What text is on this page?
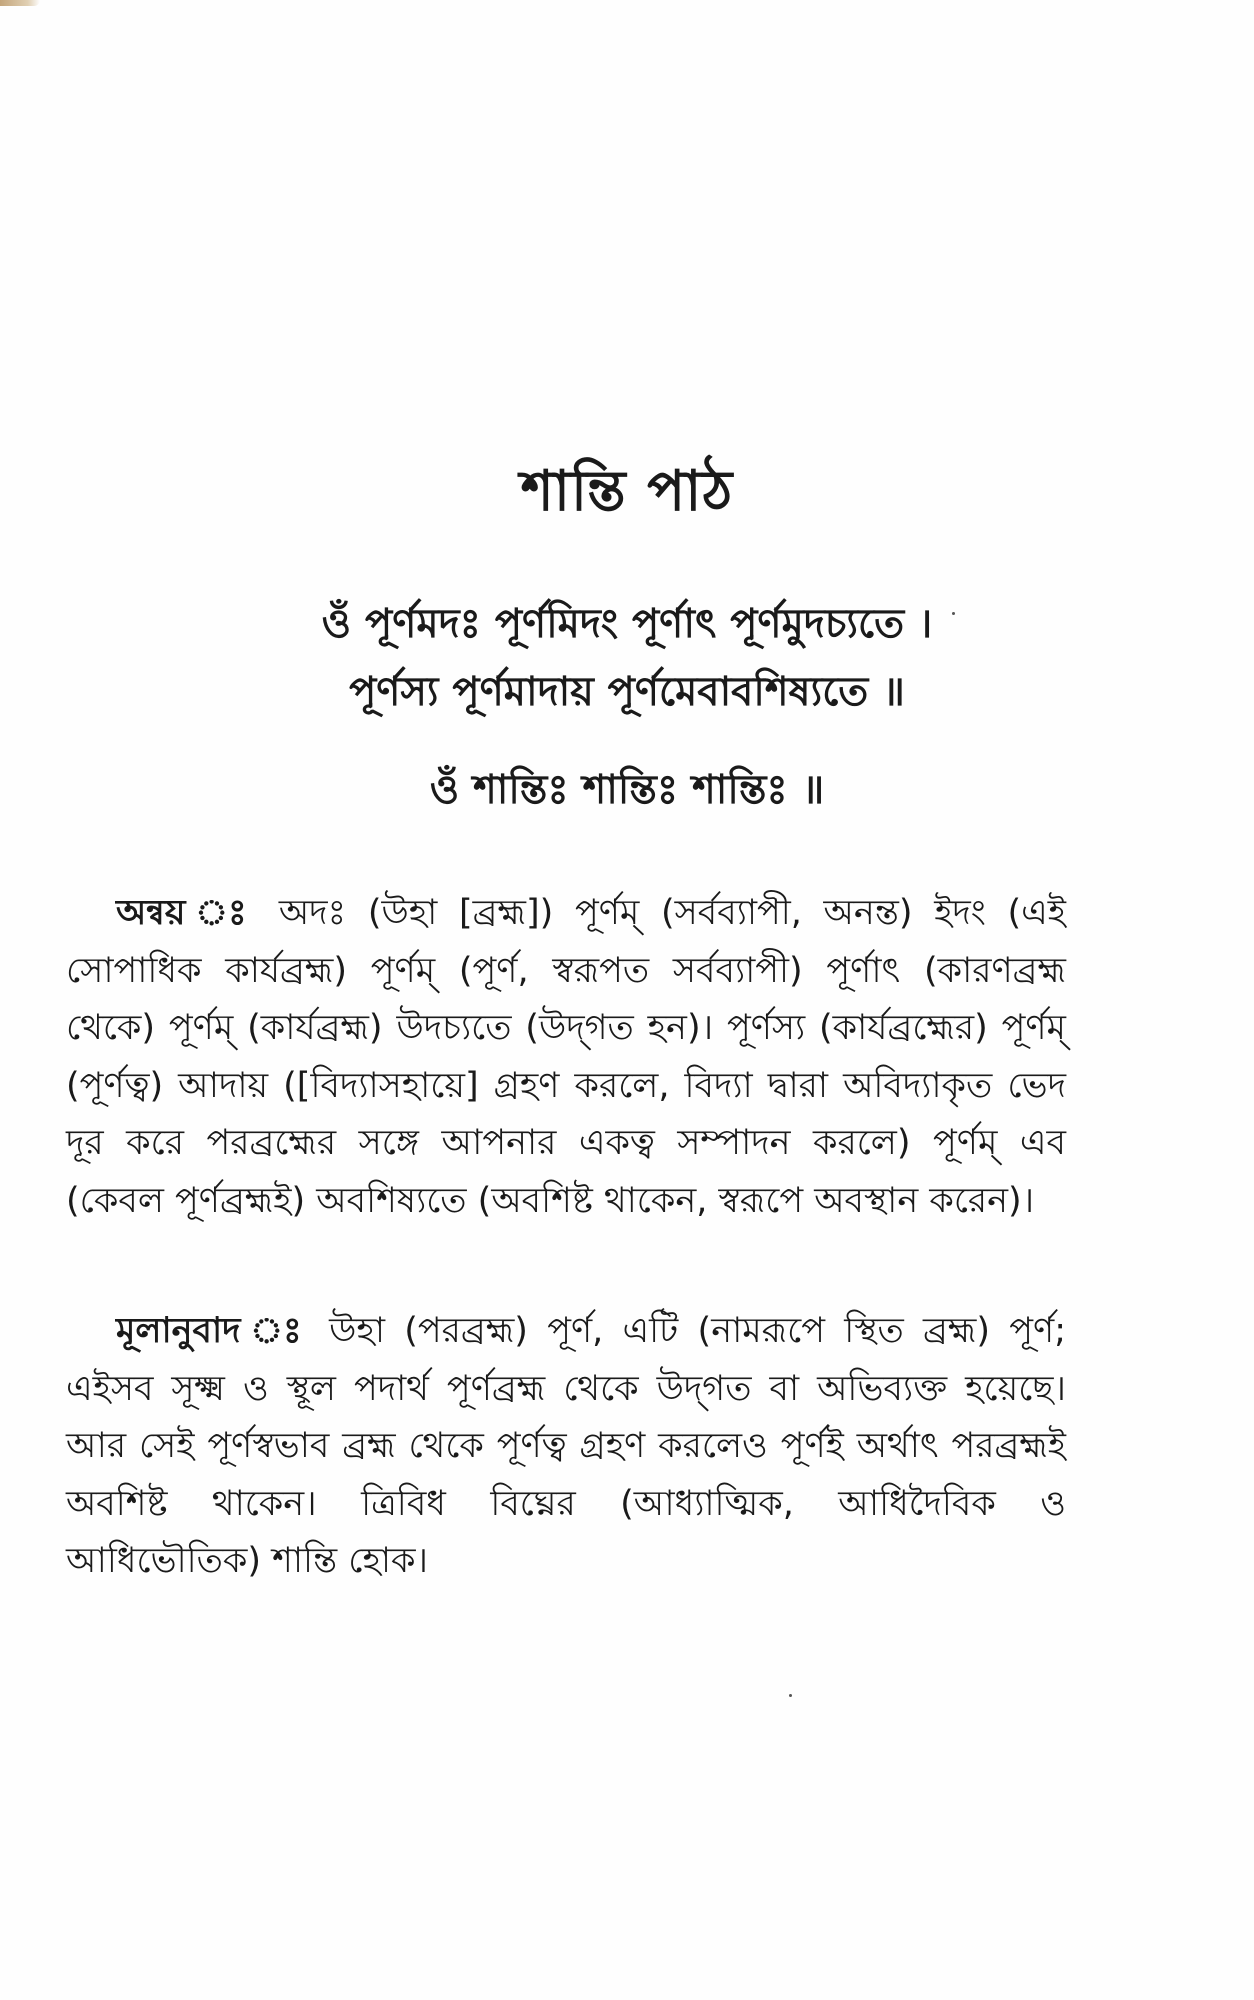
শান্তি পাঠ
ওঁ পূর্ণমদঃ পূর্ণমিদং পূর্ণাৎ পূর্ণমুদচ্যতে ।
পূর্ণস্য পূর্ণমাদায় পূর্ণমেবাবশিষ্যতে ॥
ওঁ শান্তিঃ শান্তিঃ শান্তিঃ ॥

অন্বয় ঃ অদঃ (উহা [ব্রহ্ম]) পূর্ণম্ (সর্বব্যাপী, অনন্ত) ইদং (এই সোপাধিক কার্যব্রহ্ম) পূর্ণম্ (পূর্ণ, স্বরূপত সর্বব্যাপী) পূর্ণাৎ (কারণব্রহ্ম থেকে) পূর্ণম্ (কার্যব্রহ্ম) উদচ্যতে (উদ্‌গত হন)। পূর্ণস্য (কার্যব্রহ্মের) পূর্ণম্ (পূর্ণত্ব) আদায় ([বিদ্যাসহায়ে] গ্রহণ করলে, বিদ্যা দ্বারা অবিদ্যাকৃত ভেদ দূর করে পরব্রহ্মের সঙ্গে আপনার একত্ব সম্পাদন করলে) পূর্ণম্ এব (কেবল পূর্ণব্রহ্মই) অবশিষ্যতে (অবশিষ্ট থাকেন, স্বরূপে অবস্থান করেন)।

মূলানুবাদ ঃ উহা (পরব্রহ্ম) পূর্ণ, এটি (নামরূপে স্থিত ব্রহ্ম) পূর্ণ; এইসব সূক্ষ্ম ও স্থূল পদার্থ পূর্ণব্রহ্ম থেকে উদ্‌গত বা অভিব্যক্ত হয়েছে। আর সেই পূর্ণস্বভাব ব্রহ্ম থেকে পূর্ণত্ব গ্রহণ করলেও পূর্ণই অর্থাৎ পরব্রহ্মই অবশিষ্ট থাকেন। ত্রিবিধ বিঘ্নের (আধ্যাত্মিক, আধিদৈবিক ও আধিভৌতিক) শান্তি হোক।
